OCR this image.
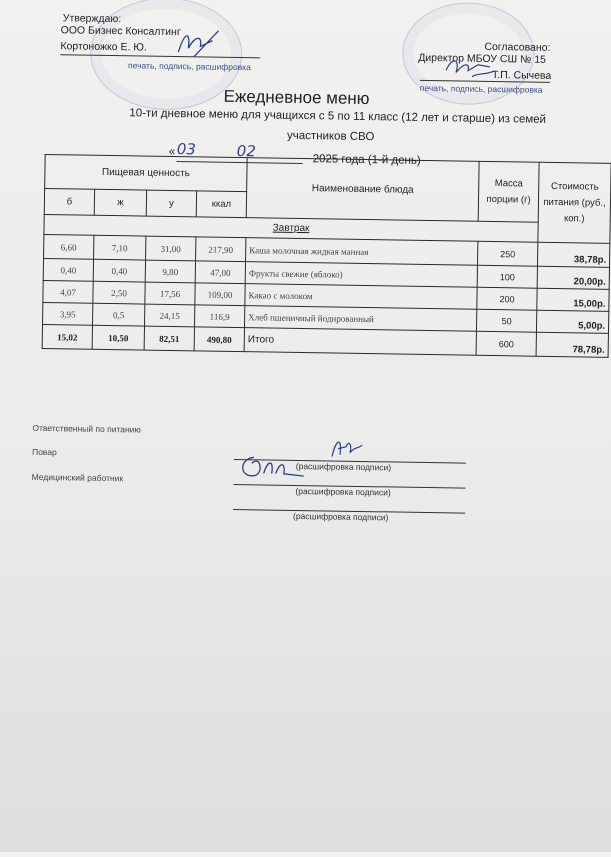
Утверждаю:
ООО Бизнес Консалтинг
Кортоножко Е. Ю.
печать, подпись, расшифровка
Согласовано:
Директор МБОУ СШ № 15
Т.П. Сычева
печать, подпись, расшифровка
Ежедневное меню
10-ти дневное меню для учащихся с 5 по 11 класс (12 лет и старше) из семей
участников СВО
« 03	02	2025 года (1-й день)
Пищевая ценность				Наименование блюда	Масса порции (г)	Стоимость питания (руб., коп.)
б	ж	у	ккал			
Завтрак						
6,60	7,10	31,00	217,90	Каша молочная жидкая манная	250	38,78р.
0,40	0,40	9,80	47,00	Фрукты свежие (яблоко)	100	20,00р.
4,07	2,50	17,56	109,00	Какао с молоком	200	15,00р.
3,95	0,5	24,15	116,9	Хлеб пшеничный йодированный	50	5,00р.
15,02	10,50	82,51	490,80	Итого	600	78,78р.
Ответственный по питанию
(расшифровка подписи)
Повар
(расшифровка подписи)
Медицинский работник
(расшифровка подписи)
